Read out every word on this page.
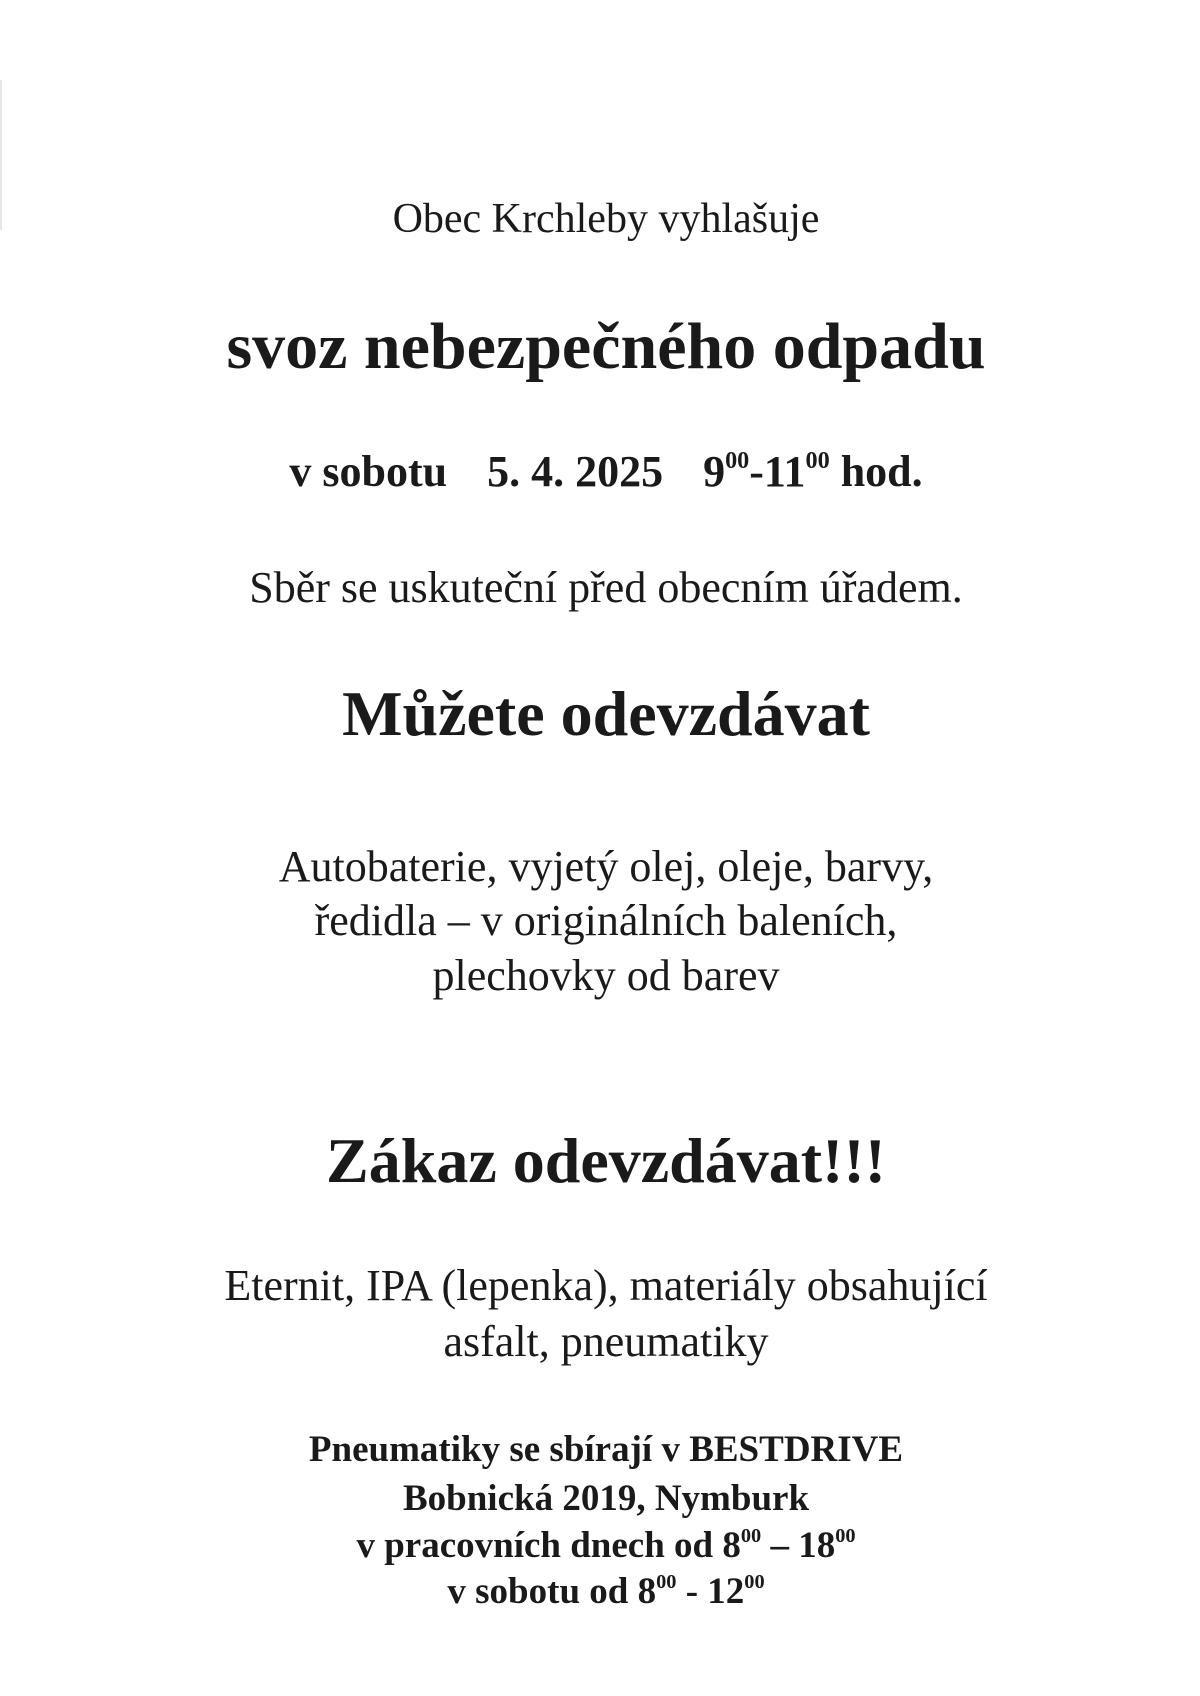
Obec Krchleby vyhlašuje
svoz nebezpečného odpadu
v sobotu 5. 4. 2025 $9^{00}-11^{00}$ hod.
Sběr se uskuteční před obecním úřadem.
Můžete odevzdávat
Autobaterie, vyjetý olej, oleje, barvy,
ředidla – v originálních baleních,
plechovky od barev
Zákaz odevzdávat!!!
Eternit, IPA (lepenka), materiály obsahující
asfalt, pneumatiky
Pneumatiky se sbírají v BESTDRIVE
Bobnická 2019, Nymburk
v pracovních dnech od $8^{00} - 18^{00}$
v sobotu od $8^{00} - 12^{00}$
